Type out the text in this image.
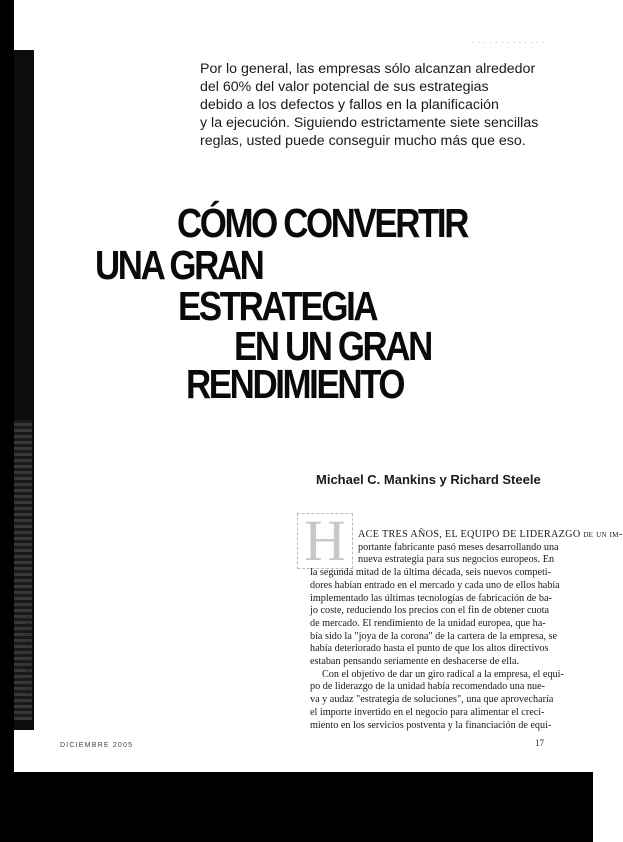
· · · · · · · · · · · · ·

Por lo general, las empresas sólo alcanzan alrededor

del 60% del valor potencial de sus estrategias

debido a los defectos y fallos en la planificación

y la ejecución. Siguiendo estrictamente siete sencillas

reglas, usted puede conseguir mucho más que eso.

CÓMO CONVERTIR
UNA GRAN
ESTRATEGIA
EN UN GRAN
RENDIMIENTO
Michael C. Mankins y Richard Steele
H	ACE TRES AÑOS, EL EQUIPO DE LIDERAZGO de un im-
portante fabricante pasó meses desarrollando una
nueva estrategia para sus negocios europeos. En
la segunda mitad de la última década, seis nuevos competi-
dores habían entrado en el mercado y cada uno de ellos había
implementado las últimas tecnologías de fabricación de ba-
jo coste, reduciendo los precios con el fin de obtener cuota
de mercado. El rendimiento de la unidad europea, que ha-
bía sido la "joya de la corona" de la cartera de la empresa, se
había deteriorado hasta el punto de que los altos directivos
estaban pensando seriamente en deshacerse de ella.
Con el objetivo de dar un giro radical a la empresa, el equi-
po de liderazgo de la unidad había recomendado una nue-
va y audaz "estrategia de soluciones", una que aprovecharía
el importe invertido en el negocio para alimentar el creci-
miento en los servicios postventa y la financiación de equi-
GUIDO SCARABOTTOLO
DICIEMBRE 2005	17
